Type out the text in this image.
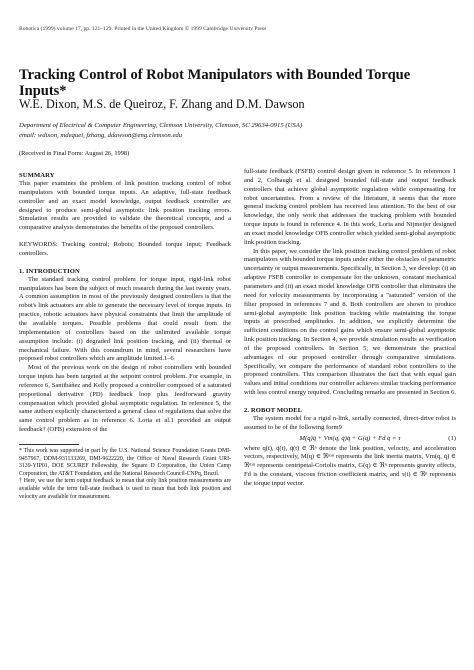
Robotica (1999) volume 17, pp. 121–129. Printed in the United Kingdom © 1999 Cambridge University Press
Tracking Control of Robot Manipulators with Bounded Torque Inputs*
W.E. Dixon, M.S. de Queiroz, F. Zhang and D.M. Dawson
Department of Electrical & Computer Engineering, Clemson University, Clemson, SC 29634-0915 (USA)
email: wdixon, mdequei, fzhang, ddawson@eng.clemson.edu
(Received in Final Form: August 26, 1998)
SUMMARY
This paper examines the problem of link position tracking control of robot manipulators with bounded torque inputs. An adaptive, full-state feedback controller and an exact model knowledge, output feedback controller are designed to produce semi-global asymptotic link position tracking errors. Simulation results are provided to validate the theoretical concepts, and a comparative analysis demonstrates the benefits of the proposed controllers.
KEYWORDS: Tracking control; Robots; Bounded torque input; Feedback controllers.
1. INTRODUCTION
The standard tracking control problem for torque input, rigid-link robot manipulators has been the subject of much research during the last twenty years. A common assumption in most of the previously designed controllers is that the robot's link actuators are able to generate the necessary level of torque inputs. In practice, robotic actuators have physical constraints that limit the amplitude of the available torques. Possible problems that could result from the implementation of controllers based on the unlimited available torque assumption include: (i) degraded link position tracking, and (ii) thermal or mechanical failure. With this conundrum in mind, several researchers have proposed robot controllers which are amplitude limited.1–6
Most of the previous work on the design of robot controllers with bounded torque inputs has been targeted at the setpoint control problem. For example, in reference 6, Santibáñez and Kelly proposed a controller composed of a saturated proportional derivative (PD) feedback loop plus feedforward gravity compensation which provided global asymptotic regulation. In reference 5, the same authors explicitly characterized a general class of regulations that solve the same control problem as in reference 6. Loria et al.1 provided an output feedback† (OFB) extension of the
* This work was supported in part by the U.S. National Science Foundation Grants DMI-9457967, DDM-931133269, DMI-9622220, the Office of Naval Research Grant URI-3139-YIP01, DOE SCUREF Fellowship, the Square D Corporation, the Union Camp Corporation, the AT&T Foundation, and the National Research Council-CNPq, Brazil.
† Here, we use the term output feedback to mean that only link position measurements are available while the term full-state feedback is used to mean that both link position and velocity are available for measurement.
full-state feedback (FSFB) control design given in reference 5. In references 1 and 2, Colbaugh et al. designed bounded full-state and output feedback controllers that achieve global asymptotic regulation while compensating for robot uncertainties. From a review of the literature, it seems that the more general tracking control problem has received less attention. To the best of our knowledge, the only work that addresses the tracking problem with bounded torque inputs is found in reference 4. In this work, Loria and Nijmeijer designed an exact model knowledge OFB controller which yielded semi-global asymptotic link position tracking.
In this paper, we consider the link position tracking control problem of robot manipulators with bounded torque inputs under either the obstacles of parametric uncertainty or output measurements. Specifically, in Section 3, we develop: (i) an adaptive FSFB controller to compensate for the unknown, constant mechanical parameters and (ii) an exact model knowledge OFB controller that eliminates the need for velocity measurements by incorporating a "saturated" version of the filter proposed in references 7 and 8. Both controllers are shown to produce semi-global asymptotic link position tracking while maintaining the torque inputs at prescribed amplitudes. In addition, we explicitly determine the sufficient conditions on the control gains which ensure semi-global asymptotic link position tracking. In Section 4, we provide simulation results as verification of the proposed controllers. In Section 5, we demonstrate the practical advantages of our proposed controller through comparative simulations. Specifically, we compare the performance of standard robot controllers to the proposed controllers. This comparison illustrates the fact that with equal gain values and initial conditions our controller achieves similar tracking performance with less control energy required. Concluding remarks are presented in Section 6.
2. ROBOT MODEL
The system model for a rigid n-link, serially connected, direct-drive robot is assumed to be of the following form9
M(q)q̈ + Vm(q, q̇)q̇ + G(q) + Fd q̇ = τ	(1)
where q(t), q̇(t), q̈(t) ∈ ℜⁿ denote the link position, velocity, and acceleration vectors, respectively, M(q) ∈ ℜⁿˣⁿ represents the link inertia matrix, Vm(q, q̇) ∈ ℜⁿˣⁿ represents centripetal-Coriolis matrix, G(q) ∈ ℜⁿ represents gravity effects, Fd is the constant, viscous friction coefficient matrix, and τ(t) ∈ ℜⁿ represents the torque input vector.
